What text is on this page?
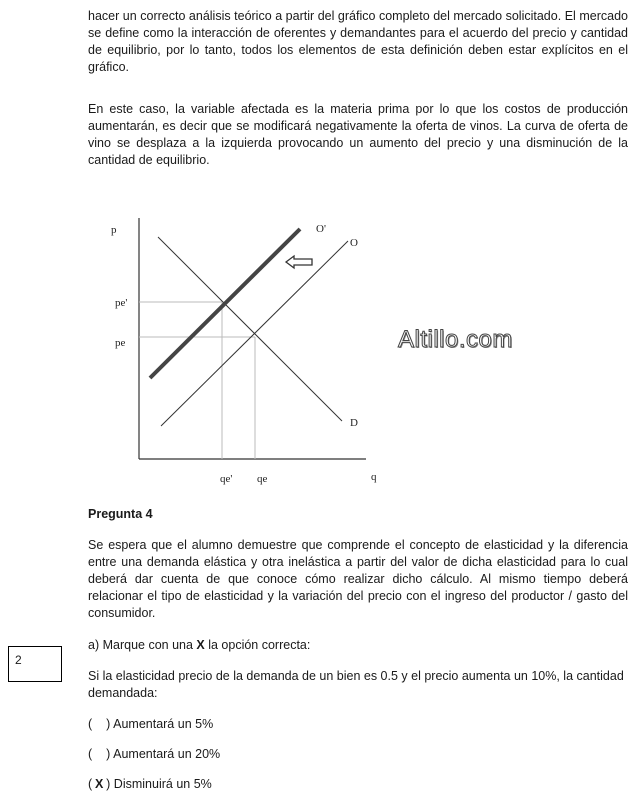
hacer un correcto análisis teórico a partir del gráfico completo del mercado solicitado. El mercado se define como la interacción de oferentes y demandantes para el acuerdo del precio y cantidad de equilibrio, por lo tanto, todos los elementos de esta definición deben estar explícitos en el gráfico.

En este caso, la variable afectada es la materia prima por lo que los costos de producción aumentarán, es decir que se modificará negativamente la oferta de vinos. La curva de oferta de vino se desplaza a la izquierda provocando un aumento del precio y una disminución de la cantidad de equilibrio.

p
q
pe'
pe
qe' qe
O'
O
D
Altillo.com

Pregunta 4

Se espera que el alumno demuestre que comprende el concepto de elasticidad y la diferencia entre una demanda elástica y otra inelástica a partir del valor de dicha elasticidad para lo cual deberá dar cuenta de que conoce cómo realizar dicho cálculo. Al mismo tiempo deberá relacionar el tipo de elasticidad y la variación del precio con el ingreso del productor / gasto del consumidor.

2

a) Marque con una X la opción correcta:

Si la elasticidad precio de la demanda de un bien es 0.5 y el precio aumenta un 10%, la cantidad demandada:

( ) Aumentará un 5%

( ) Aumentará un 20%

( X ) Disminuirá un 5%
